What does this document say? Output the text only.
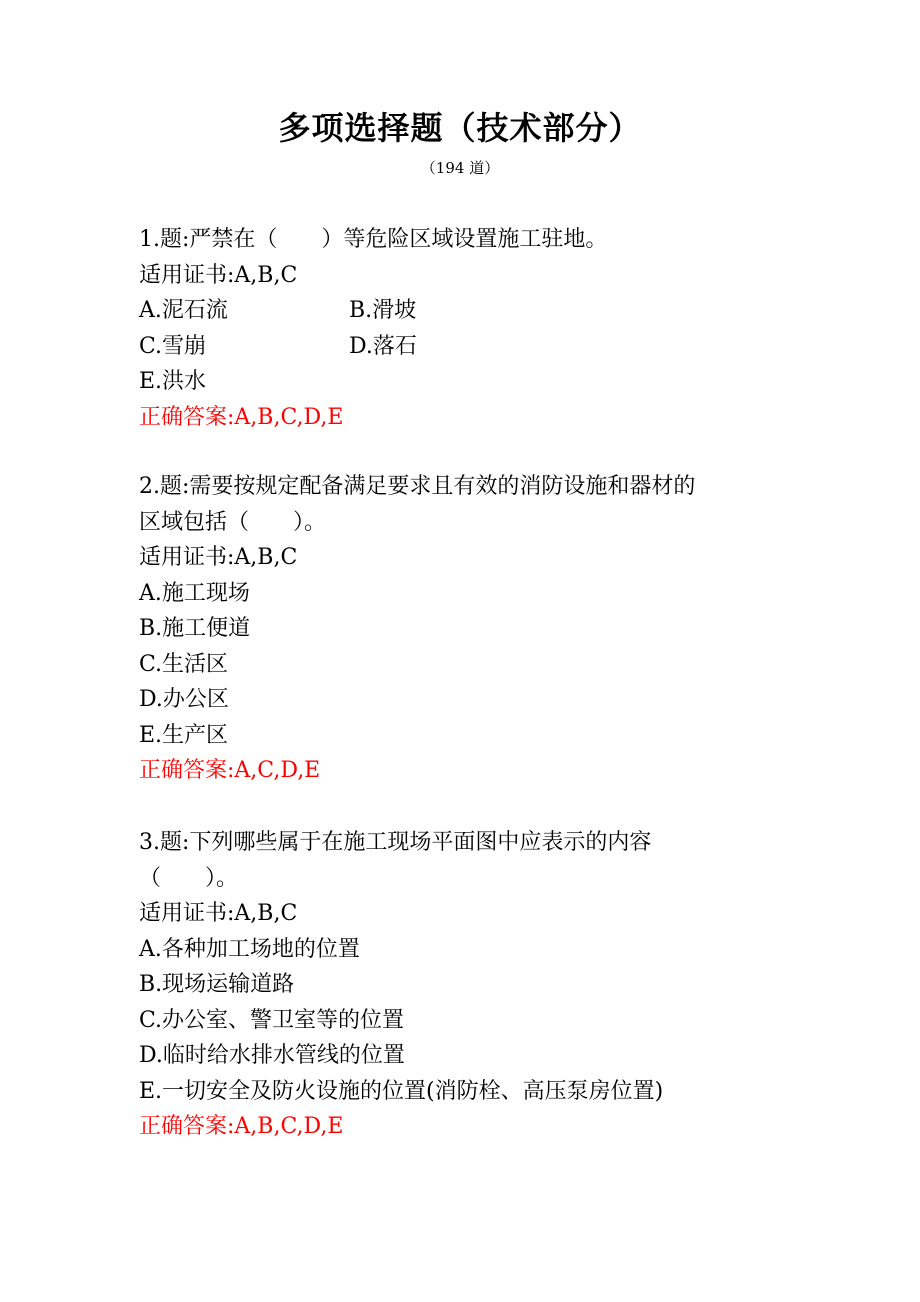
多项选择题（技术部分）
（194 道）
1.题:严禁在（　　）等危险区域设置施工驻地。
适用证书:A,B,C
A.泥石流	B.滑坡
C.雪崩	D.落石
E.洪水
正确答案:A,B,C,D,E
2.题:需要按规定配备满足要求且有效的消防设施和器材的
区域包括（　　）。
适用证书:A,B,C
A.施工现场
B.施工便道
C.生活区
D.办公区
E.生产区
正确答案:A,C,D,E
3.题:下列哪些属于在施工现场平面图中应表示的内容
（　　）。
适用证书:A,B,C
A.各种加工场地的位置
B.现场运输道路
C.办公室、警卫室等的位置
D.临时给水排水管线的位置
E.一切安全及防火设施的位置(消防栓、高压泵房位置)
正确答案:A,B,C,D,E
